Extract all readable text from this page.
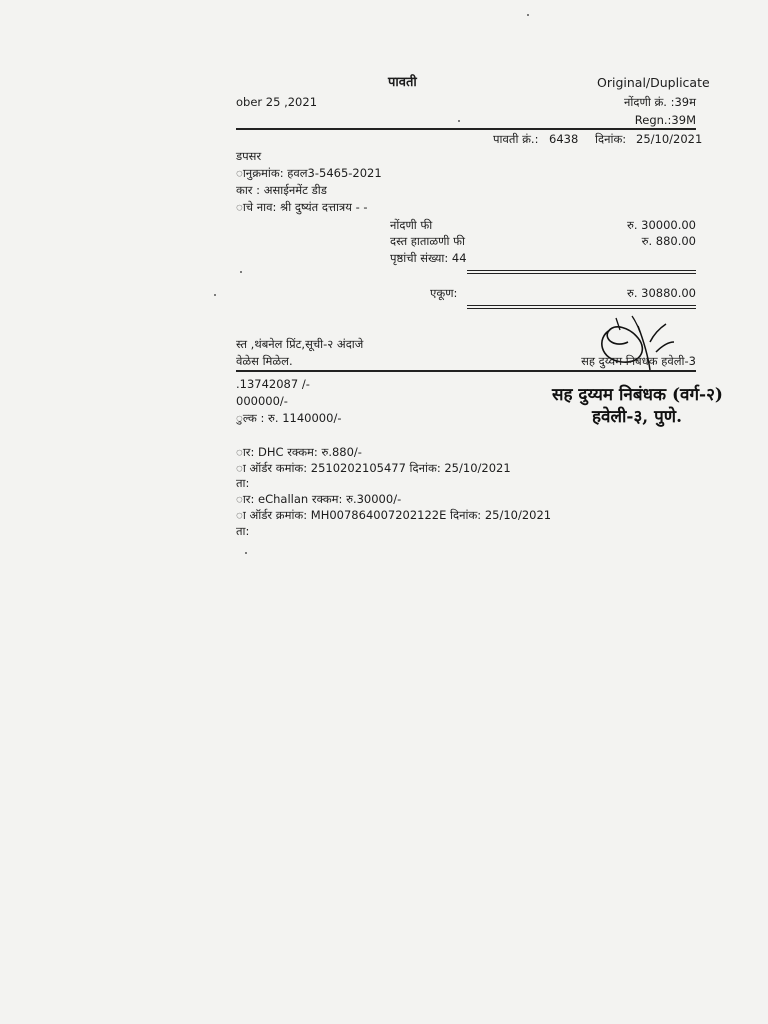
पावती	Original/Duplicate
ober 25 ,2021	नोंदणी क्रं. :39म
Regn.:39M
पावती क्रं.: 6438 दिनांक: 25/10/2021
डपसर
ानुक्रमांक: हवल3-5465-2021
कार : असाईनमेंट डीड
ाचे नाव: श्री दुष्यंत दत्तात्रय - -
नोंदणी फी	रु. 30000.00
दस्त हाताळणी फी	रु. 880.00
पृष्ठांची संख्या: 44
एकूण:	रु. 30880.00
स्त ,थंबनेल प्रिंट,सूची-२ अंदाजे
वेळेस मिळेल.	सह दुय्यम निबंधक हवेली-3
.13742087 /-
000000/-
ुल्क : रु. 1140000/-
सह दुय्यम निबंधक (वर्ग-२)
हवेली-३, पुणे.
ार: DHC रक्कम: रु.880/-
ा ऑर्डर कमांक: 2510202105477 दिनांक: 25/10/2021
ता:
ार: eChallan रक्कम: रु.30000/-
ा ऑर्डर क्रमांक: MH007864007202122E दिनांक: 25/10/2021
ता:
